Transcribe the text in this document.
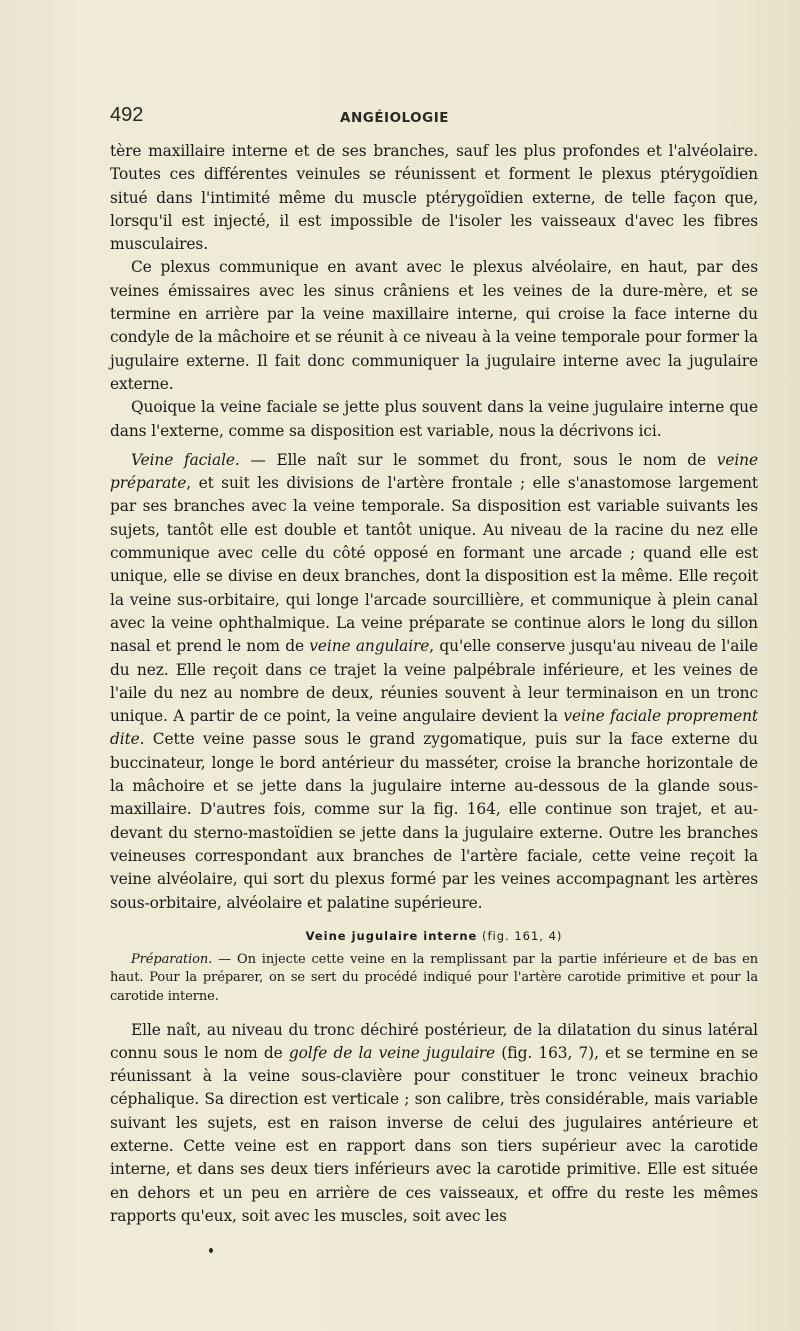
492	ANGÉIOLOGIE

tère maxillaire interne et de ses branches, sauf les plus profondes et l'alvéolaire. Toutes ces différentes veinules se réunissent et forment le plexus ptérygoïdien situé dans l'intimité même du muscle ptérygoïdien externe, de telle façon que, lorsqu'il est injecté, il est impossible de l'isoler les vaisseaux d'avec les fibres musculaires.

Ce plexus communique en avant avec le plexus alvéolaire, en haut, par des veines émissaires avec les sinus crâniens et les veines de la dure-mère, et se termine en arrière par la veine maxillaire interne, qui croise la face interne du condyle de la mâchoire et se réunit à ce niveau à la veine temporale pour former la jugulaire externe. Il fait donc communiquer la jugulaire interne avec la jugulaire externe.

Quoique la veine faciale se jette plus souvent dans la veine jugulaire interne que dans l'externe, comme sa disposition est variable, nous la décrivons ici.

Veine faciale. — Elle naît sur le sommet du front, sous le nom de veine préparate, et suit les divisions de l'artère frontale ; elle s'anastomose largement par ses branches avec la veine temporale. Sa disposition est variable suivants les sujets, tantôt elle est double et tantôt unique. Au niveau de la racine du nez elle communique avec celle du côté opposé en formant une arcade ; quand elle est unique, elle se divise en deux branches, dont la disposition est la même. Elle reçoit la veine sus-orbitaire, qui longe l'arcade sourcillière, et communique à plein canal avec la veine ophthalmique. La veine préparate se continue alors le long du sillon nasal et prend le nom de veine angulaire, qu'elle conserve jusqu'au niveau de l'aile du nez. Elle reçoit dans ce trajet la veine palpébrale inférieure, et les veines de l'aile du nez au nombre de deux, réunies souvent à leur terminaison en un tronc unique. A partir de ce point, la veine angulaire devient la veine faciale proprement dite. Cette veine passe sous le grand zygomatique, puis sur la face externe du buccinateur, longe le bord antérieur du masséter, croise la branche horizontale de la mâchoire et se jette dans la jugulaire interne au-dessous de la glande sous-maxillaire. D'autres fois, comme sur la fig. 164, elle continue son trajet, et au-devant du sterno-mastoïdien se jette dans la jugulaire externe. Outre les branches veineuses correspondant aux branches de l'artère faciale, cette veine reçoit la veine alvéolaire, qui sort du plexus formé par les veines accompagnant les artères sous-orbitaire, alvéolaire et palatine supérieure.

Veine jugulaire interne (fig. 161, 4)

Préparation. — On injecte cette veine en la remplissant par la partie inférieure et de bas en haut. Pour la préparer, on se sert du procédé indiqué pour l'artère carotide primitive et pour la carotide interne.

Elle naît, au niveau du tronc déchiré postérieur, de la dilatation du sinus latéral connu sous le nom de golfe de la veine jugulaire (fig. 163, 7), et se termine en se réunissant à la veine sous-clavière pour constituer le tronc veineux brachio céphalique. Sa direction est verticale ; son calibre, très considérable, mais variable suivant les sujets, est en raison inverse de celui des jugulaires antérieure et externe. Cette veine est en rapport dans son tiers supérieur avec la carotide interne, et dans ses deux tiers inférieurs avec la carotide primitive. Elle est située en dehors et un peu en arrière de ces vaisseaux, et offre du reste les mêmes rapports qu'eux, soit avec les muscles, soit avec les
